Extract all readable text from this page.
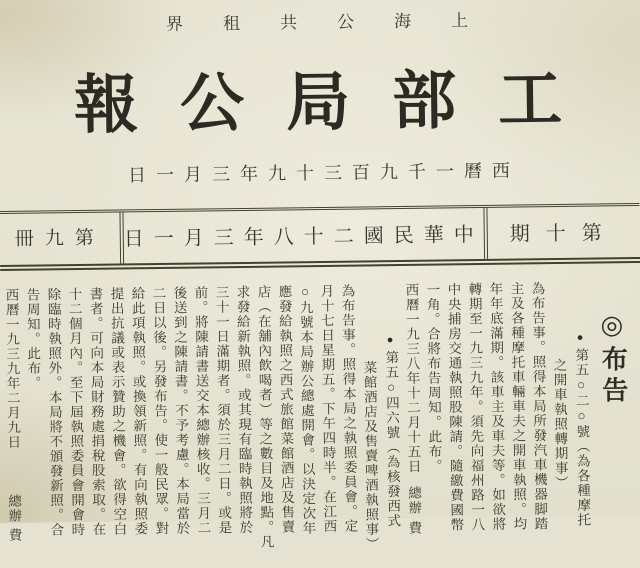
上海公共租界
工部局公報
西曆一千九百三十九年三月一日
第九冊 中華民國二十八年三月一日	第十期
◎布告
●第五○二○號（為各種摩托
之開車執照轉期事）
為布告事。照得本局所發汽車機器脚踏
主及各種摩托車輛車夫之開車執照。均
年年底滿期。該車主及車夫等。如欲將
轉期至一九三九年。須先向福州路一八
中央捕房交通執照股陳請。隨繳費國幣
一角。合將布告周知。此布。
西曆一九三八年十二月十五日總辦費
●第五○四六號（為核發西式
菜館酒店及售賣啤酒執照事）
為布告事。照得本局之執照委員會。定
月十七日星期五。下午四時半。在江西
○九號本局辦公總處開會。以決定次年
應發給執照之西式旅館菜館酒店及售賣
店（在舖內飲喝者）等之數目及地點。凡
求發給新執照。或其現有臨時執照將於
三十一日滿期者。須於三月二日。或是
前。將陳請書送交本總辦核收。三月二
後送到之陳請書。不予考慮。本局當於
二日以後。另發布告。使一般民眾。對
給此項執照。或換領新照。有向執照委
提出抗議或表示贊助之機會。欲得空白
書者。可向本局財務處捐稅股索取。在
十二個月內。至下屆執照委員會開會時
除臨時執照外。本局將不頒發新照。合
告周知。此布。
西曆一九三九年二月九日總辦費
